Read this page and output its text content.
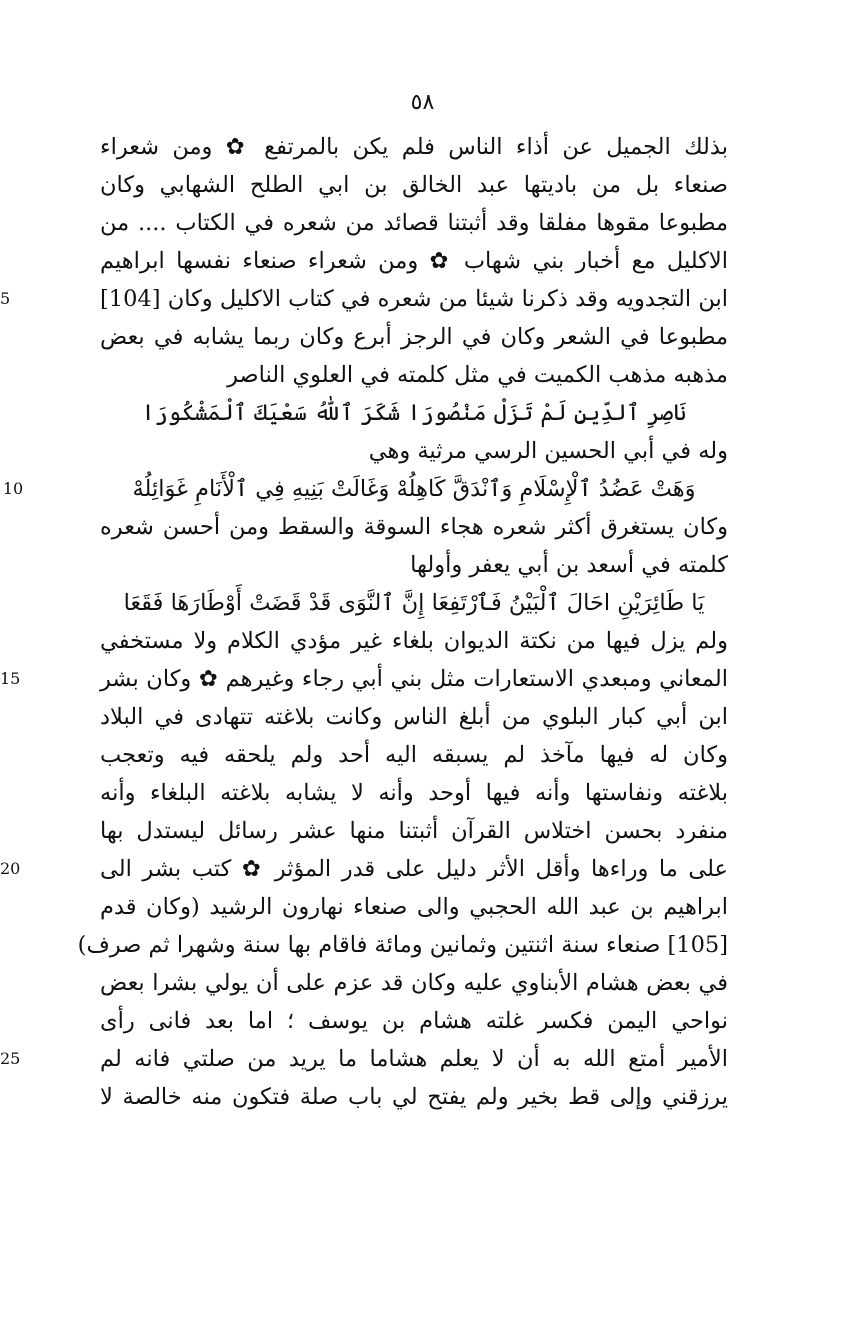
٥٨
بذلك الجميل عن أذاء الناس فلم يكن بالمرتفع ✿ ومن شعراء
صنعاء بل من باديتها عبد الخالق بن ابي الطلح الشهابي وكان
مطبوعا مقوها مفلقا وقد أثبتنا قصائد من شعره في الكتاب .... من
الاكليل مع أخبار بني شهاب ✿ ومن شعراء صنعاء نفسها ابراهيم
5	ابن التجدويه وقد ذكرنا شيئا من شعره في كتاب الاكليل وكان [104]
مطبوعا في الشعر وكان في الرجز أبرع وكان ربما يشابه في بعض
مذهبه مذهب الكميت في مثل كلمته في العلوي الناصر
نَاصِرِ ٱلدِّينِ لَمْ تَزَلْ مَنْصُورَا شَكَرَ ٱللّٰهُ سَعْيَكَ ٱلْمَشْكُورَا
وله في أبي الحسين الرسي مرثية وهي
10	وَهَتْ عَضُدُ ٱلْإِسْلَامِ وَٱنْدَقَّ كَاهِلُهْ وَغَالَتْ بَنِيهِ فِي ٱلْأَنَامِ غَوَائِلُهْ
وكان يستغرق أكثر شعره هجاء السوقة والسقط ومن أحسن شعره
كلمته في أسعد بن أبي يعفر وأولها
يَا طَائِرَيْنِ احَالَ ٱلْبَيْنُ فَٱرْتَفِعَا إِنَّ ٱلنَّوَى قَدْ قَضَتْ أَوْطَارَهَا فَقَعَا
ولم يزل فيها من نكتة الديوان بلغاء غير مؤدي الكلام ولا مستخفي
15	المعاني ومبعدي الاستعارات مثل بني أبي رجاء وغيرهم ✿ وكان بشر
ابن أبي كبار البلوي من أبلغ الناس وكانت بلاغته تتهادى في البلاد
وكان له فيها مآخذ لم يسبقه اليه أحد ولم يلحقه فيه وتعجب
بلاغته ونفاستها وأنه فيها أوحد وأنه لا يشابه بلاغته البلغاء وأنه
منفرد بحسن اختلاس القرآن أثبتنا منها عشر رسائل ليستدل بها
20	على ما وراءها وأقل الأثر دليل على قدر المؤثر ✿ كتب بشر الى
ابراهيم بن عبد الله الحجبي والى صنعاء نهارون الرشيد (وكان قدم
[105] صنعاء سنة اثنتين وثمانين ومائة فاقام بها سنة وشهرا ثم صرف)
في بعض هشام الأبناوي عليه وكان قد عزم على أن يولي بشرا بعض
نواحي اليمن فكسر غلته هشام بن يوسف ؛ اما بعد فانى رأى
25	الأمير أمتع الله به أن لا يعلم هشاما ما يريد من صلتي فانه لم
يرزقني وإلى قط بخير ولم يفتح لي باب صلة فتكون منه خالصة لا
